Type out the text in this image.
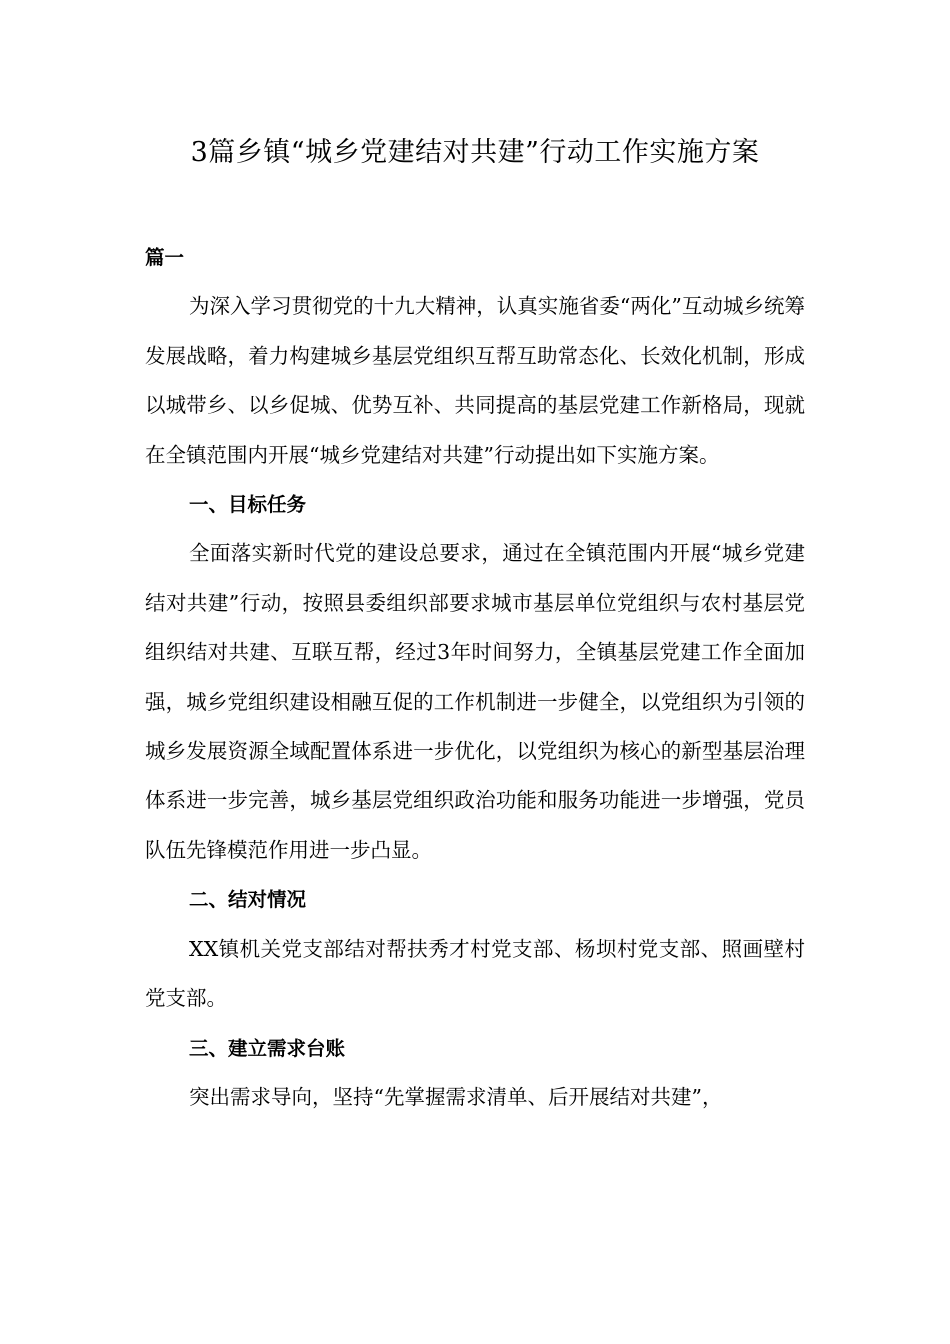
3篇乡镇“城乡党建结对共建”行动工作实施方案

篇一

为深入学习贯彻党的十九大精神，认真实施省委“两化”互动城乡统筹发展战略，着力构建城乡基层党组织互帮互助常态化、长效化机制，形成以城带乡、以乡促城、优势互补、共同提高的基层党建工作新格局，现就在全镇范围内开展“城乡党建结对共建”行动提出如下实施方案。

一、目标任务

全面落实新时代党的建设总要求，通过在全镇范围内开展“城乡党建结对共建”行动，按照县委组织部要求城市基层单位党组织与农村基层党组织结对共建、互联互帮，经过3年时间努力，全镇基层党建工作全面加强，城乡党组织建设相融互促的工作机制进一步健全，以党组织为引领的城乡发展资源全域配置体系进一步优化，以党组织为核心的新型基层治理体系进一步完善，城乡基层党组织政治功能和服务功能进一步增强，党员队伍先锋模范作用进一步凸显。

二、结对情况

XX镇机关党支部结对帮扶秀才村党支部、杨坝村党支部、照画壁村党支部。

三、建立需求台账

突出需求导向，坚持“先掌握需求清单、后开展结对共建”，
